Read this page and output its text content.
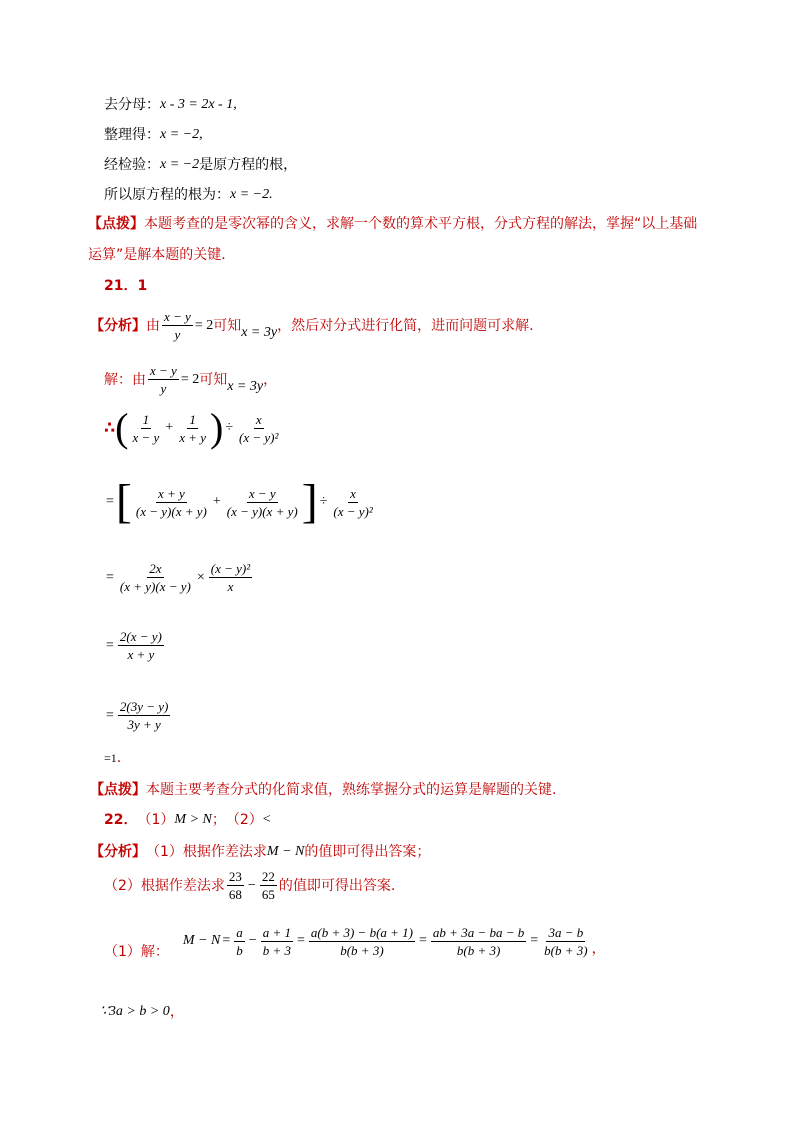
去分母： x - 3 = 2x - 1,
整理得： x = −2,
经检验： x = −2 是原方程的根，
所以原方程的根为： x = −2.
【点拨】本题考查的是零次幂的含义，求解一个数的算术平方根，分式方程的解法，掌握“以上基础运算”是解本题的关键.
21．1
【分析】 由 $\frac{x - y}{y} = 2$ 可知 x = 3y ，然后对分式进行化简，进而问题可求解.
解：由 $\frac{x - y}{y} = 2$ 可知 x = 3y ，
∴ ( $\frac{1}{x - y} + \frac{1}{x + y}$ ) ÷ $\frac{x}{\text{(x − y)²}}$
= [ $\frac{x + y}{(x - y)(x + y)} + \frac{x - y}{(x - y)(x + y)}$ ] ÷ $\frac{x}{\text{(x − y)²}}$
= $\frac{2x}{(x + y)(x - y)} \times \frac{\text{(x − y)²}}{x}$
= $\frac{2(x - y)}{x + y}$
= $\frac{2(3y - y)}{3y + y}$
=1 .
【点拨】 本题主要考查分式的化简求值，熟练掌握分式的运算是解题的关键.
22． （1） M > N ； （2） <
【分析】 （1）根据作差法求 M − N 的值即可得出答案；
（2）根据作差法求 $\frac{23}{68} - \frac{22}{65}$ 的值即可得出答案.
（1）解：
$M - N = \frac{a}{b} - \frac{a + 1}{b + 3} = \frac{a(b + 3) - b(a + 1)}{b(b + 3)} = \frac{ab + 3a - ba - b}{b(b + 3)} = \frac{3a - b}{b(b + 3)}$ ，
∵3a > b > 0 ，
